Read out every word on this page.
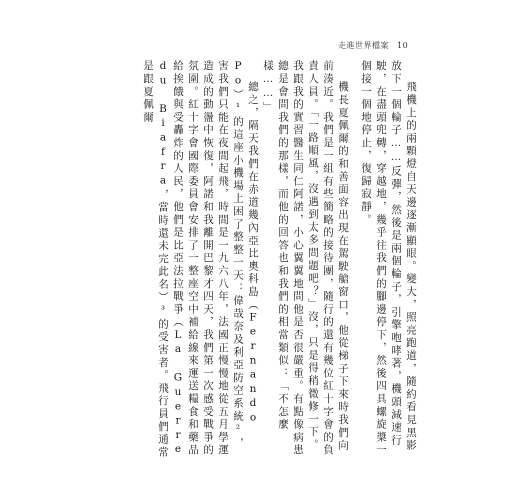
走進世界檔案 10

飛機上的兩顆燈自天邊逐漸顯眼。變大，照亮跑道，隨約看見黑影放下一個輪子……反彈，然後是兩個輪子，引擎咆哮著，機頭減速行駛，在盡頭兜轉，穿越地，幾乎往我們的腳邊停下，然後四具螺旋槳一個接一個地停止，復歸寂靜。

機長夏佩爾的和善面容出現在駕駛艙窗口，他從梯子下來時我們向前湊近。我們是一組有些簡略的接待團，隨行的還有幾位紅十字會的負責人員。「一路順風，沒遇到太多問題吧？」沒，只是得稍微修一下。我跟我的實習醫生同仁阿諾，小心翼翼地問他是否很嚴重。有點像病患總是會問我們的那樣，而他的回答也和我們的相當類似：「不怎麼樣……」

總之，隔天我們在赤道幾內亞比奧科島（Fernando Po）¹的這座小機場上困了整整一天：偉哉奈及利亞防空系統²，害我們只能在夜間起飛，時間是一九六八年，法國正慢慢地從五月學運造成的動盪中恢復，阿諾和我離開巴黎才四天，我們第一次感受戰爭的氛圍。紅十字會國際委員會安排了一整座空中補給線來運送糧食和藥品給挨餓與受轟炸的人民，他們是比亞法拉戰爭（La Guerre du Biafra，當時還未完此名）³的受害者。飛行員們通常是跟夏佩爾
